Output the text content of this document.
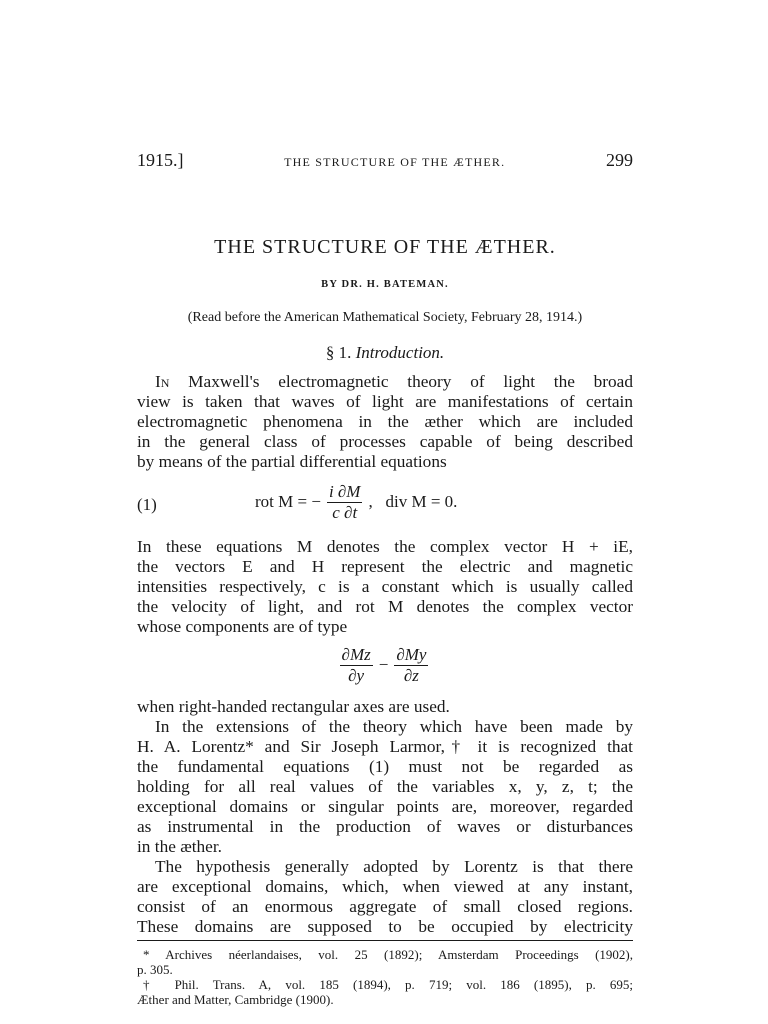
1915.]	THE STRUCTURE OF THE ÆTHER.	299
THE STRUCTURE OF THE ÆTHER.
BY DR. H. BATEMAN.
(Read before the American Mathematical Society, February 28, 1914.)
§ 1. Introduction.
In Maxwell's electromagnetic theory of light the broad
view is taken that waves of light are manifestations of certain
electromagnetic phenomena in the æther which are included
in the general class of processes capable of being described
by means of the partial differential equations
(1)	rot M = − $\frac{i \partial M}{c \partial t}$ ,   div M = 0.
In these equations M denotes the complex vector H + iE,
the vectors E and H represent the electric and magnetic
intensities respectively, c is a constant which is usually called
the velocity of light, and rot M denotes the complex vector
whose components are of type
$\frac{\partial Mz}{\partial y} - \frac{\partial My}{\partial z}$
when right-handed rectangular axes are used.
In the extensions of the theory which have been made by
H. A. Lorentz* and Sir Joseph Larmor,† it is recognized that
the fundamental equations (1) must not be regarded as
holding for all real values of the variables x, y, z, t; the
exceptional domains or singular points are, moreover, regarded
as instrumental in the production of waves or disturbances
in the æther.
The hypothesis generally adopted by Lorentz is that there
are exceptional domains, which, when viewed at any instant,
consist of an enormous aggregate of small closed regions.
These domains are supposed to be occupied by electricity
* Archives néerlandaises, vol. 25 (1892); Amsterdam Proceedings (1902),
p. 305.
† Phil. Trans. A, vol. 185 (1894), p. 719; vol. 186 (1895), p. 695;
Æther and Matter, Cambridge (1900).
